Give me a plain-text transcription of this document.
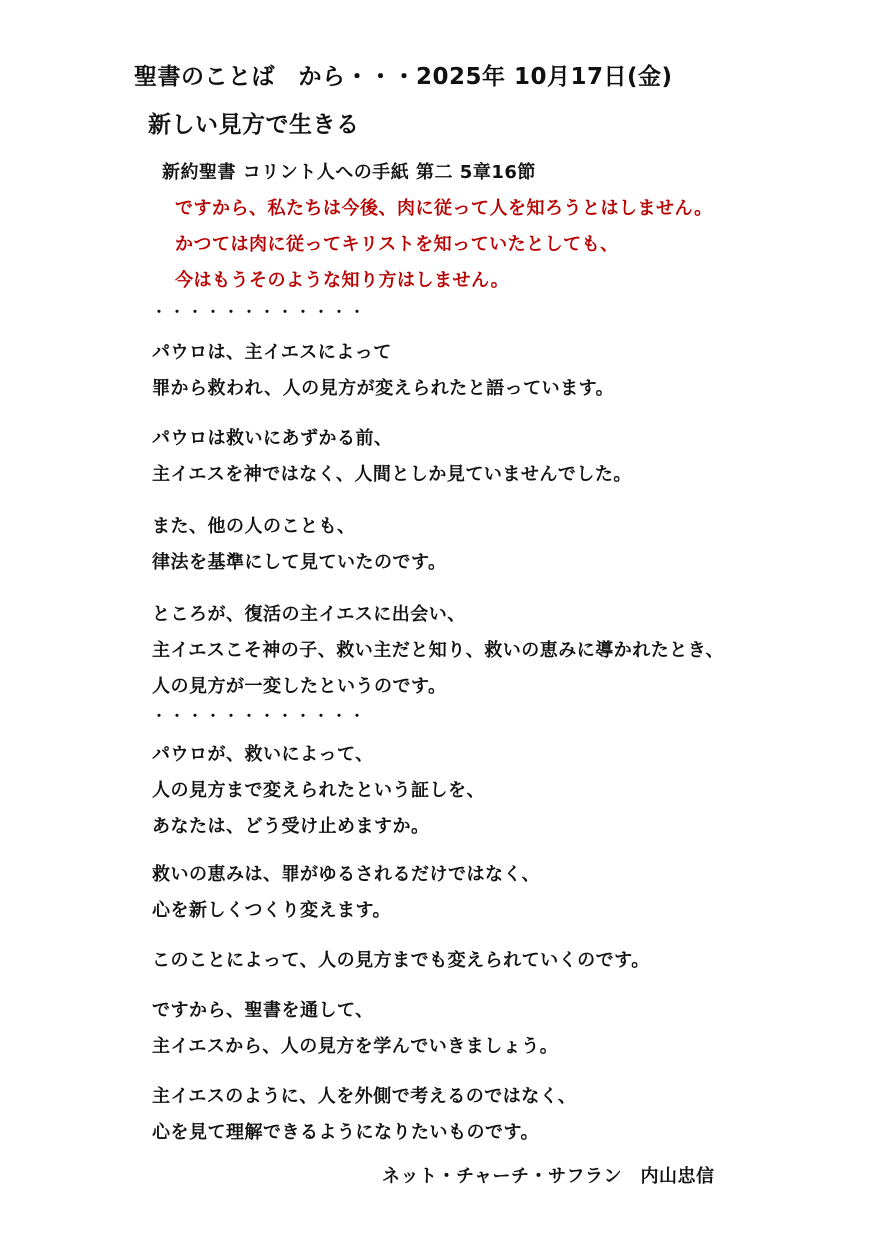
聖書のことば　から・・・2025年 10月17日(金)
新しい見方で生きる
新約聖書 コリント人への手紙 第二 5章16節
ですから、私たちは今後、肉に従って人を知ろうとはしません。
かつては肉に従ってキリストを知っていたとしても、
今はもうそのような知り方はしません。
・・・・・・・・・・・・
パウロは、主イエスによって
罪から救われ、人の見方が変えられたと語っています。
パウロは救いにあずかる前、
主イエスを神ではなく、人間としか見ていませんでした。
また、他の人のことも、
律法を基準にして見ていたのです。
ところが、復活の主イエスに出会い、
主イエスこそ神の子、救い主だと知り、救いの恵みに導かれたとき、
人の見方が一変したというのです。
・・・・・・・・・・・・
パウロが、救いによって、
人の見方まで変えられたという証しを、
あなたは、どう受け止めますか。
救いの恵みは、罪がゆるされるだけではなく、
心を新しくつくり変えます。
このことによって、人の見方までも変えられていくのです。
ですから、聖書を通して、
主イエスから、人の見方を学んでいきましょう。
主イエスのように、人を外側で考えるのではなく、
心を見て理解できるようになりたいものです。
ネット・チャーチ・サフラン　内山忠信
